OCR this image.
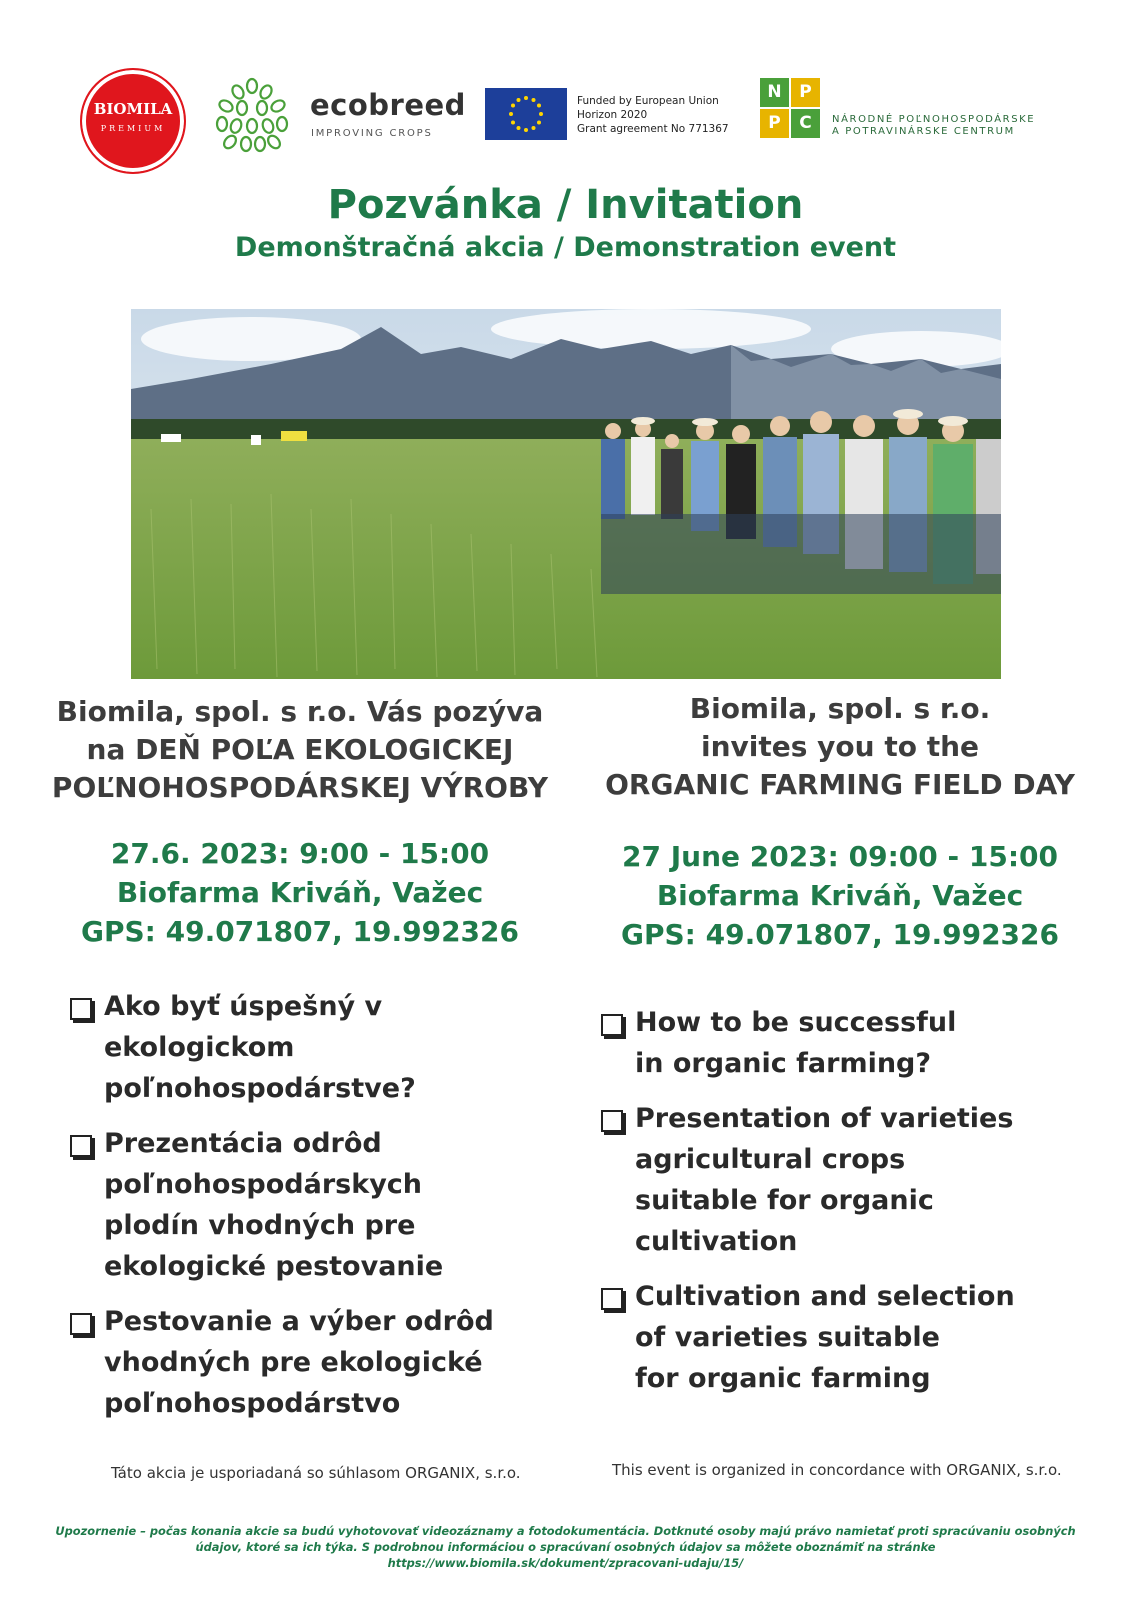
BIOMILA
PREMIUM
ecobreed
IMPROVING CROPS
Funded by European Union
Horizon 2020
Grant agreement No 771367
N	P
P	C	NÁRODNÉ POĽNOHOSPODÁRSKE
A POTRAVINÁRSKE CENTRUM
Pozvánka / Invitation
Demonštračná akcia / Demonstration event
Biomila, spol. s r.o. Vás pozýva
na DEŇ POĽA EKOLOGICKEJ
POĽNOHOSPODÁRSKEJ VÝROBY
27.6. 2023: 9:00 - 15:00
Biofarma Kriváň, Važec
GPS: 49.071807, 19.992326
Ako byť úspešný v
ekologickom
poľnohospodárstve?
Prezentácia odrôd
poľnohospodárskych
plodín vhodných pre
ekologické pestovanie
Pestovanie a výber odrôd
vhodných pre ekologické
poľnohospodárstvo
Táto akcia je usporiadaná so súhlasom ORGANIX, s.r.o.
Biomila, spol. s r.o.
invites you to the
ORGANIC FARMING FIELD DAY
27 June 2023: 09:00 - 15:00
Biofarma Kriváň, Važec
GPS: 49.071807, 19.992326
How to be successful
in organic farming?
Presentation of varieties
agricultural crops
suitable for organic
cultivation
Cultivation and selection
of varieties suitable
for organic farming
This event is organized in concordance with ORGANIX, s.r.o.
Upozornenie – počas konania akcie sa budú vyhotovovať videozáznamy a fotodokumentácia. Dotknuté osoby majú právo namietať proti spracúvaniu osobných
údajov, ktoré sa ich týka. S podrobnou informáciou o spracúvaní osobných údajov sa môžete oboznámiť na stránke
https://www.biomila.sk/dokument/zpracovani-udaju/15/
